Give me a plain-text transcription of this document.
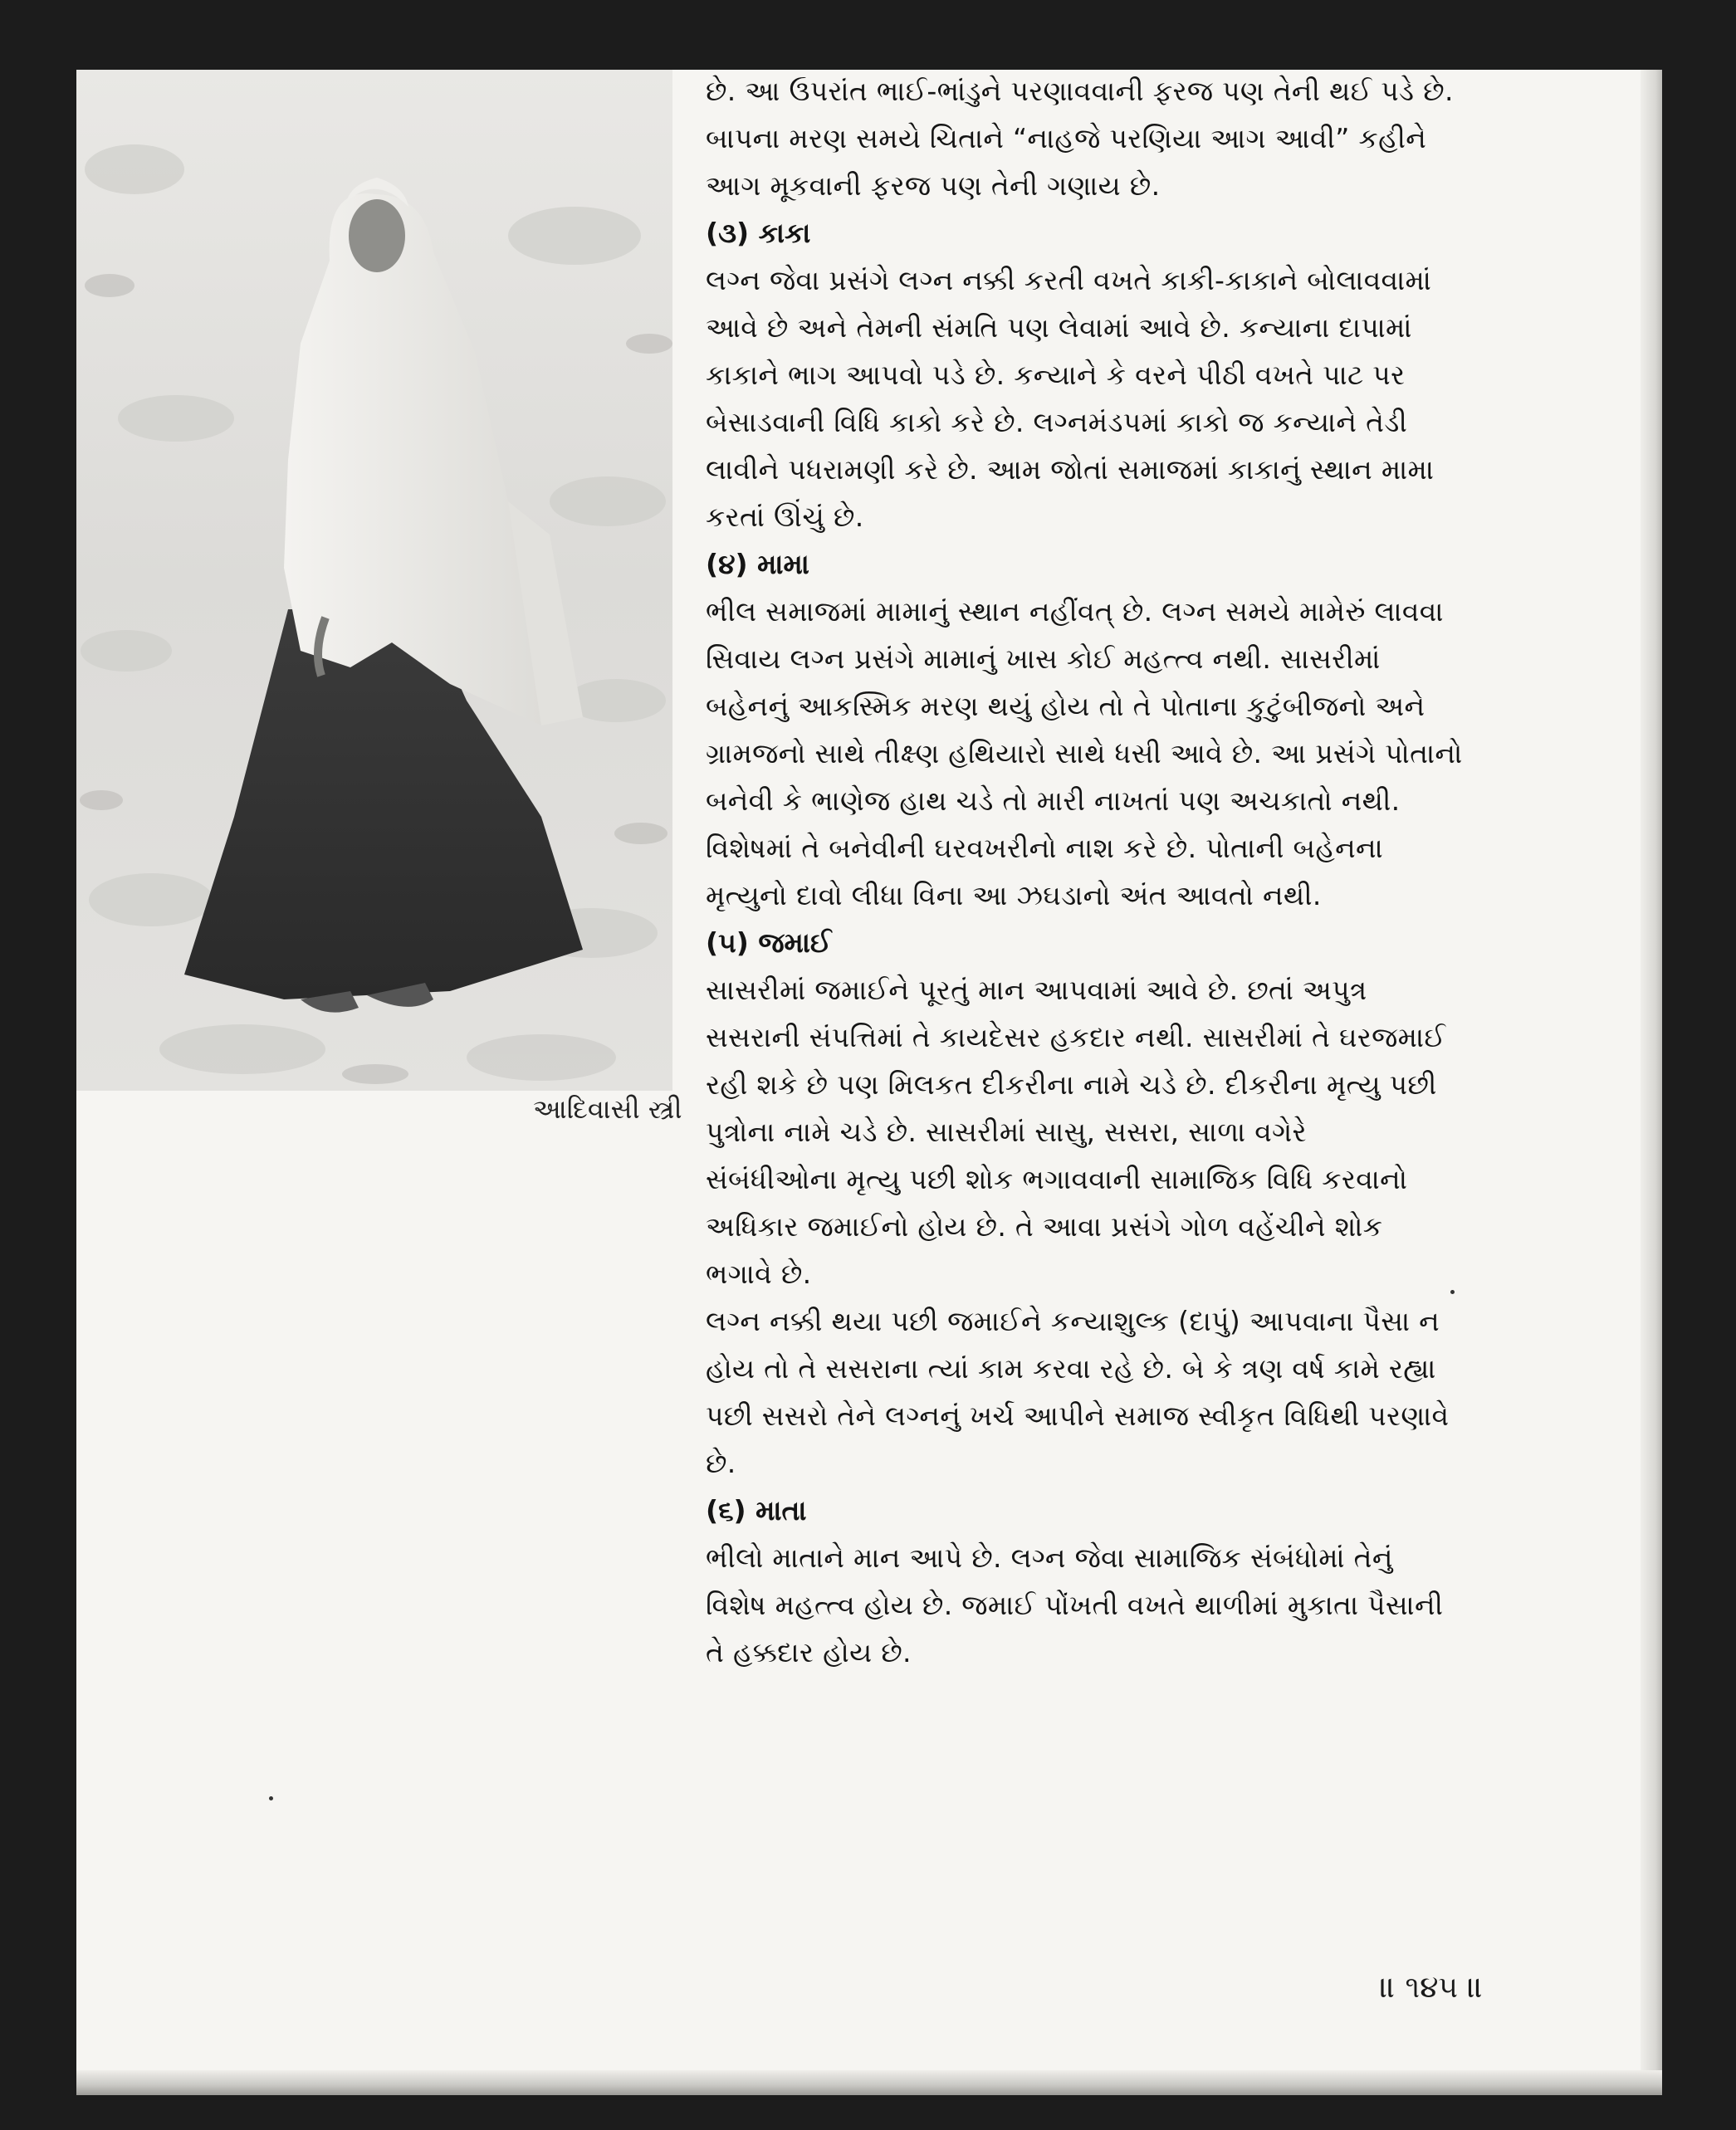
આદિવાસી સ્ત્રી
છે. આ ઉપરાંત ભાઈ-ભાંડુને પરણાવવાની ફરજ પણ તેની થઈ પડે છે.
બાપના મરણ સમયે ચિતાને “નાહજે પરણિયા આગ આવી” કહીને
આગ મૂકવાની ફરજ પણ તેની ગણાય છે.
(૩) કાકા
લગ્ન જેવા પ્રસંગે લગ્ન નક્કી કરતી વખતે કાકી-કાકાને બોલાવવામાં
આવે છે અને તેમની સંમતિ પણ લેવામાં આવે છે. કન્યાના દાપામાં
કાકાને ભાગ આપવો પડે છે. કન્યાને કે વરને પીઠી વખતે પાટ પર
બેસાડવાની વિધિ કાકો કરે છે. લગ્નમંડપમાં કાકો જ કન્યાને તેડી
લાવીને પધરામણી કરે છે. આમ જોતાં સમાજમાં કાકાનું સ્થાન મામા
કરતાં ઊંચું છે.
(૪) મામા
ભીલ સમાજમાં મામાનું સ્થાન નહીંવત્ છે. લગ્ન સમયે મામેરું લાવવા
સિવાય લગ્ન પ્રસંગે મામાનું ખાસ કોઈ મહત્ત્વ નથી. સાસરીમાં
બહેનનું આકસ્મિક મરણ થયું હોય તો તે પોતાના કુટુંબીજનો અને
ગ્રામજનો સાથે તીક્ષ્ણ હથિયારો સાથે ધસી આવે છે. આ પ્રસંગે પોતાનો
બનેવી કે ભાણેજ હાથ ચડે તો મારી નાખતાં પણ અચકાતો નથી.
વિશેષમાં તે બનેવીની ઘરવખરીનો નાશ કરે છે. પોતાની બહેનના
મૃત્યુનો દાવો લીધા વિના આ ઝઘડાનો અંત આવતો નથી.
(૫) જમાઈ
સાસરીમાં જમાઈને પૂરતું માન આપવામાં આવે છે. છતાં અપુત્ર
સસરાની સંપત્તિમાં તે કાયદેસર હકદાર નથી. સાસરીમાં તે ઘરજમાઈ
રહી શકે છે પણ મિલકત દીકરીના નામે ચડે છે. દીકરીના મૃત્યુ પછી
પુત્રોના નામે ચડે છે. સાસરીમાં સાસુ, સસરા, સાળા વગેરે
સંબંધીઓના મૃત્યુ પછી શોક ભગાવવાની સામાજિક વિધિ કરવાનો
અધિકાર જમાઈનો હોય છે. તે આવા પ્રસંગે ગોળ વહેંચીને શોક
ભગાવે છે.
લગ્ન નક્કી થયા પછી જમાઈને કન્યાશુલ્ક (દાપું) આપવાના પૈસા ન
હોય તો તે સસરાના ત્યાં કામ કરવા રહે છે. બે કે ત્રણ વર્ષ કામે રહ્યા
પછી સસરો તેને લગ્નનું ખર્ચ આપીને સમાજ સ્વીકૃત વિધિથી પરણાવે
છે.
(૬) માતા
ભીલો માતાને માન આપે છે. લગ્ન જેવા સામાજિક સંબંધોમાં તેનું
વિશેષ મહત્ત્વ હોય છે. જમાઈ પોંખતી વખતે થાળીમાં મુકાતા પૈસાની
તે હક્કદાર હોય છે.
॥ ૧૪૫ ॥
